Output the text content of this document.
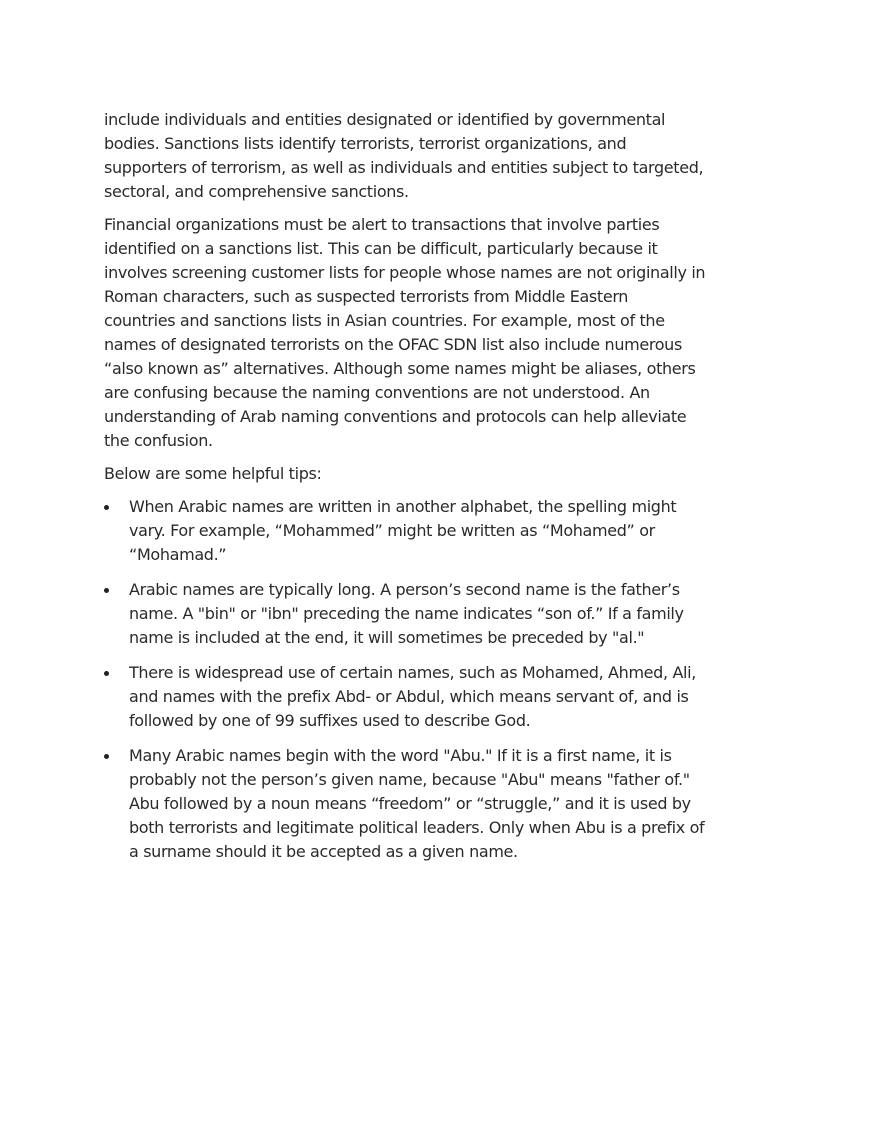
include individuals and entities designated or identified by governmental
bodies. Sanctions lists identify terrorists, terrorist organizations, and
supporters of terrorism, as well as individuals and entities subject to targeted,
sectoral, and comprehensive sanctions.
Financial organizations must be alert to transactions that involve parties
identified on a sanctions list. This can be difficult, particularly because it
involves screening customer lists for people whose names are not originally in
Roman characters, such as suspected terrorists from Middle Eastern
countries and sanctions lists in Asian countries. For example, most of the
names of designated terrorists on the OFAC SDN list also include numerous
“also known as” alternatives. Although some names might be aliases, others
are confusing because the naming conventions are not understood. An
understanding of Arab naming conventions and protocols can help alleviate
the confusion.
Below are some helpful tips:
When Arabic names are written in another alphabet, the spelling might
vary. For example, “Mohammed” might be written as “Mohamed” or
“Mohamad.”
Arabic names are typically long. A person’s second name is the father’s
name. A "bin" or "ibn" preceding the name indicates “son of.” If a family
name is included at the end, it will sometimes be preceded by "al."
There is widespread use of certain names, such as Mohamed, Ahmed, Ali,
and names with the prefix Abd- or Abdul, which means servant of, and is
followed by one of 99 suffixes used to describe God.
Many Arabic names begin with the word "Abu." If it is a first name, it is
probably not the person’s given name, because "Abu" means "father of."
Abu followed by a noun means “freedom” or “struggle,” and it is used by
both terrorists and legitimate political leaders. Only when Abu is a prefix of
a surname should it be accepted as a given name.
